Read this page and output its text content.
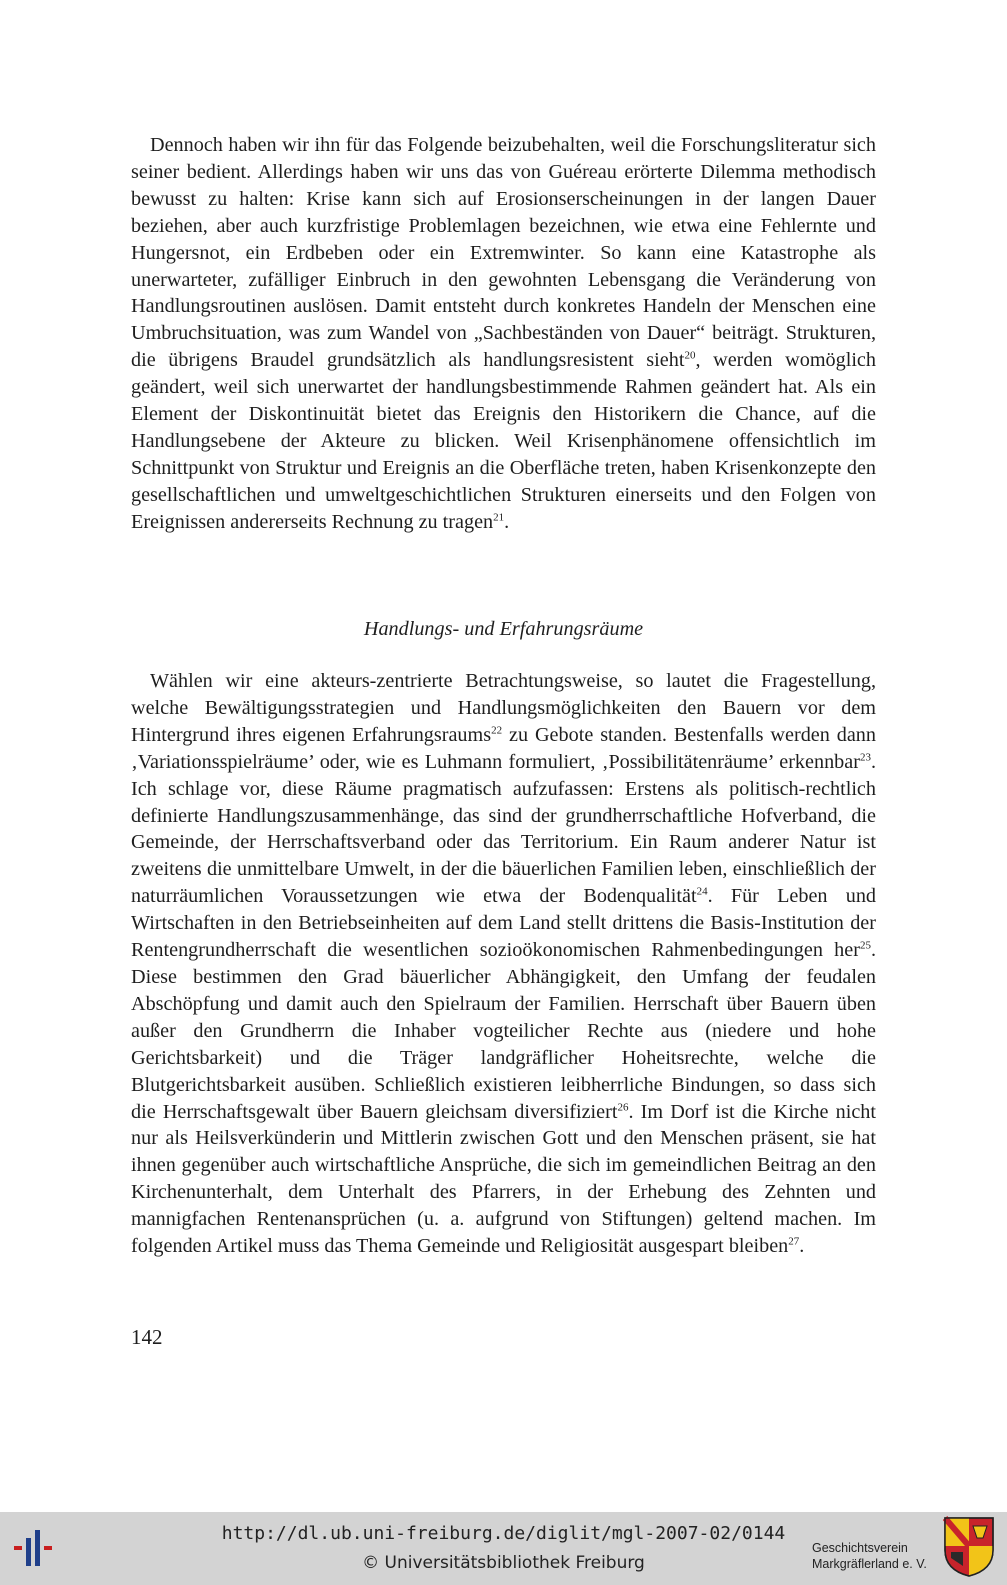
Dennoch haben wir ihn für das Folgende beizubehalten, weil die Forschungsliteratur sich seiner bedient. Allerdings haben wir uns das von Guéreau erörterte Dilemma methodisch bewusst zu halten: Krise kann sich auf Erosionserscheinungen in der langen Dauer beziehen, aber auch kurzfristige Problemlagen bezeichnen, wie etwa eine Fehlernte und Hungersnot, ein Erdbeben oder ein Extremwinter. So kann eine Katastrophe als unerwarteter, zufälliger Einbruch in den gewohnten Lebensgang die Veränderung von Handlungsroutinen auslösen. Damit entsteht durch konkretes Handeln der Menschen eine Umbruchsituation, was zum Wandel von „Sachbeständen von Dauer“ beiträgt. Strukturen, die übrigens Braudel grundsätzlich als handlungsresistent sieht$^{20}$, werden womöglich geändert, weil sich unerwartet der handlungsbestimmende Rahmen geändert hat. Als ein Element der Diskontinuität bietet das Ereignis den Historikern die Chance, auf die Handlungsebene der Akteure zu blicken. Weil Krisenphänomene offensichtlich im Schnittpunkt von Struktur und Ereignis an die Oberfläche treten, haben Krisenkonzepte den gesellschaftlichen und umweltgeschichtlichen Strukturen einerseits und den Folgen von Ereignissen andererseits Rechnung zu tragen$^{21}$.

Handlungs- und Erfahrungsräume

Wählen wir eine akteurs-zentrierte Betrachtungsweise, so lautet die Fragestellung, welche Bewältigungsstrategien und Handlungsmöglichkeiten den Bauern vor dem Hintergrund ihres eigenen Erfahrungsraums$^{22}$ zu Gebote standen. Bestenfalls werden dann ‚Variationsspielräume’ oder, wie es Luhmann formuliert, ‚Possibilitätenräume’ erkennbar$^{23}$. Ich schlage vor, diese Räume pragmatisch aufzufassen: Erstens als politisch-rechtlich definierte Handlungszusammenhänge, das sind der grundherrschaftliche Hofverband, die Gemeinde, der Herrschaftsverband oder das Territorium. Ein Raum anderer Natur ist zweitens die unmittelbare Umwelt, in der die bäuerlichen Familien leben, einschließlich der naturräumlichen Voraussetzungen wie etwa der Bodenqualität$^{24}$. Für Leben und Wirtschaften in den Betriebseinheiten auf dem Land stellt drittens die Basis-Institution der Rentengrundherrschaft die wesentlichen sozioökonomischen Rahmenbedingungen her$^{25}$. Diese bestimmen den Grad bäuerlicher Abhängigkeit, den Umfang der feudalen Abschöpfung und damit auch den Spielraum der Familien. Herrschaft über Bauern üben außer den Grundherrn die Inhaber vogteilicher Rechte aus (niedere und hohe Gerichtsbarkeit) und die Träger landgräflicher Hoheitsrechte, welche die Blutgerichtsbarkeit ausüben. Schließlich existieren leibherrliche Bindungen, so dass sich die Herrschaftsgewalt über Bauern gleichsam diversifiziert$^{26}$. Im Dorf ist die Kirche nicht nur als Heilsverkünderin und Mittlerin zwischen Gott und den Menschen präsent, sie hat ihnen gegenüber auch wirtschaftliche Ansprüche, die sich im gemeindlichen Beitrag an den Kirchenunterhalt, dem Unterhalt des Pfarrers, in der Erhebung des Zehnten und mannigfachen Rentenansprüchen (u. a. aufgrund von Stiftungen) geltend machen. Im folgenden Artikel muss das Thema Gemeinde und Religiosität ausgespart bleiben$^{27}$.

142
http://dl.ub.uni-freiburg.de/diglit/mgl-2007-02/0144
© Universitätsbibliothek Freiburg
Geschichtsverein
Markgräflerland e. V.
